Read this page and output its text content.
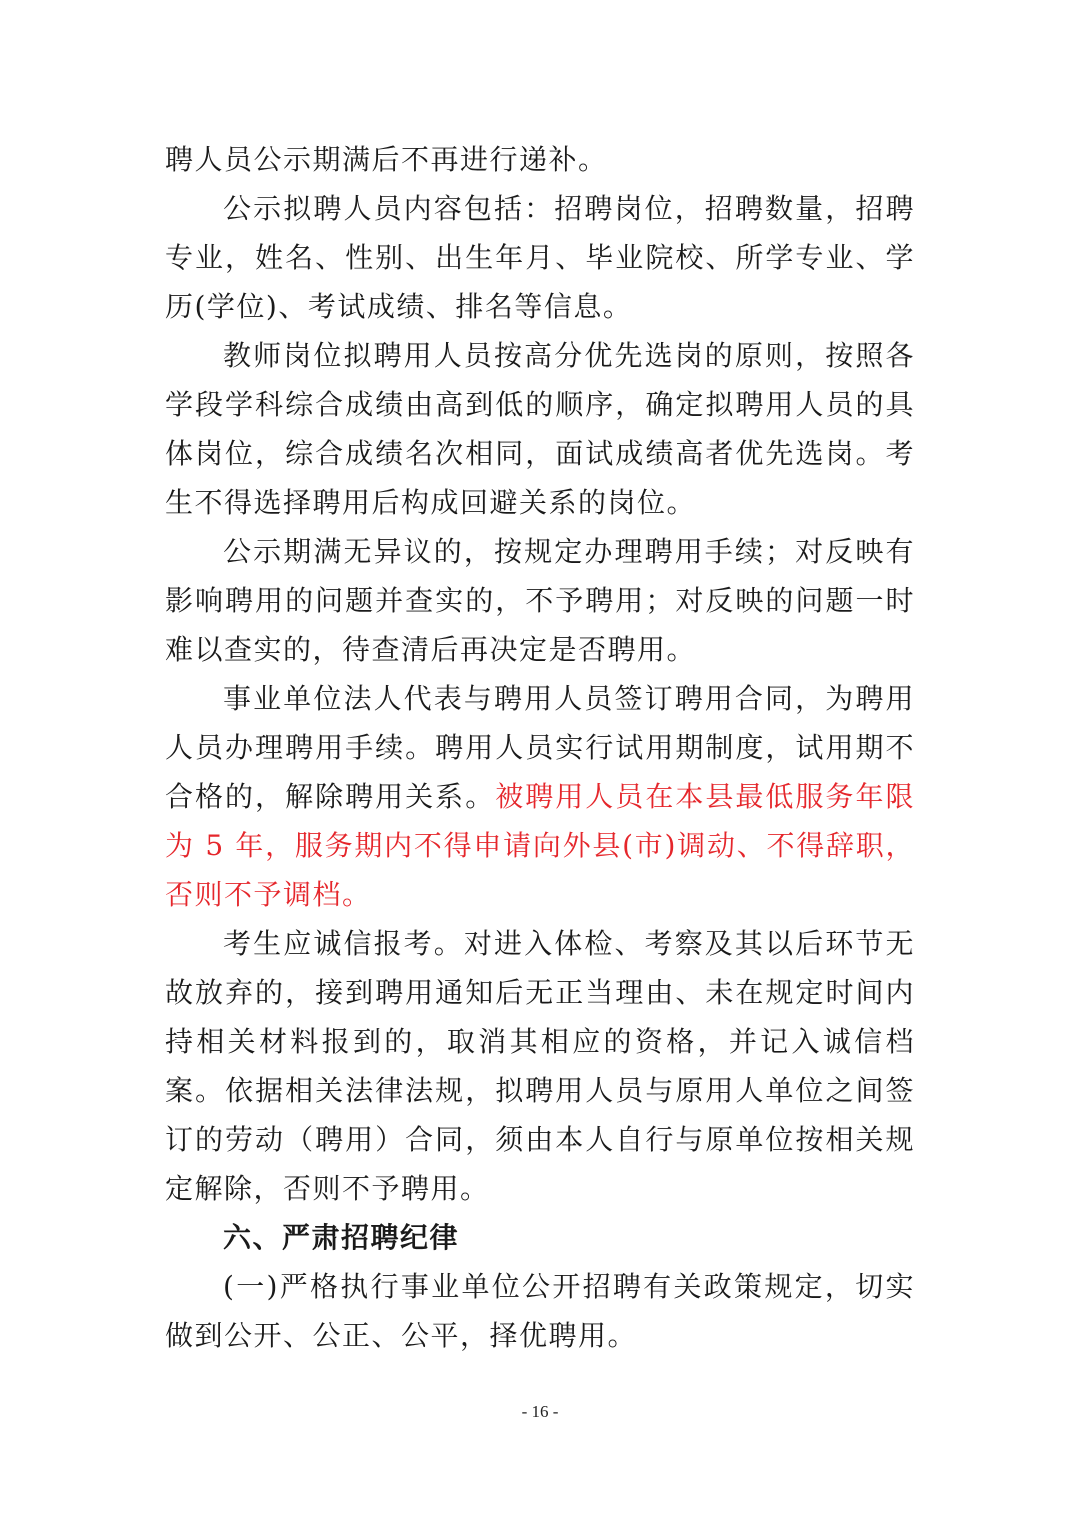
聘人员公示期满后不再进行递补。

公示拟聘人员内容包括：招聘岗位，招聘数量，招聘专业，姓名、性别、出生年月、毕业院校、所学专业、学历(学位)、考试成绩、排名等信息。

教师岗位拟聘用人员按高分优先选岗的原则，按照各学段学科综合成绩由高到低的顺序，确定拟聘用人员的具体岗位，综合成绩名次相同，面试成绩高者优先选岗。考生不得选择聘用后构成回避关系的岗位。

公示期满无异议的，按规定办理聘用手续；对反映有影响聘用的问题并查实的，不予聘用；对反映的问题一时难以查实的，待查清后再决定是否聘用。

事业单位法人代表与聘用人员签订聘用合同，为聘用人员办理聘用手续。聘用人员实行试用期制度，试用期不合格的，解除聘用关系。被聘用人员在本县最低服务年限为 5 年，服务期内不得申请向外县(市)调动、不得辞职，否则不予调档。

考生应诚信报考。对进入体检、考察及其以后环节无故放弃的，接到聘用通知后无正当理由、未在规定时间内持相关材料报到的，取消其相应的资格，并记入诚信档案。依据相关法律法规，拟聘用人员与原用人单位之间签订的劳动（聘用）合同，须由本人自行与原单位按相关规定解除，否则不予聘用。

六、严肃招聘纪律

(一)严格执行事业单位公开招聘有关政策规定，切实做到公开、公正、公平，择优聘用。

- 16 -
